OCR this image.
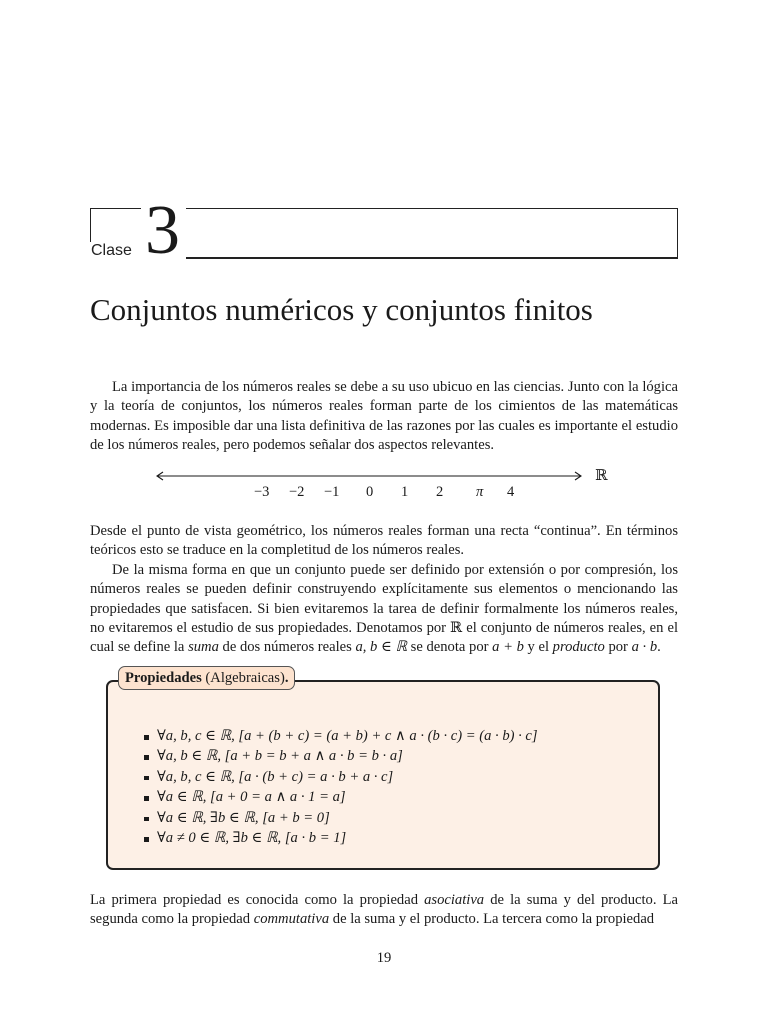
Clase 3
Conjuntos numéricos y conjuntos finitos

La importancia de los números reales se debe a su uso ubicuo en las ciencias. Junto con la lógica y la teoría de conjuntos, los números reales forman parte de los cimientos de las matemáticas modernas. Es imposible dar una lista definitiva de las razones por las cuales es importante el estudio de los números reales, pero podemos señalar dos aspectos relevantes.

ℝ
−3 −2 −1 0 1 2 π 4

Desde el punto de vista geométrico, los números reales forman una recta “continua”. En términos teóricos esto se traduce en la completitud de los números reales.

De la misma forma en que un conjunto puede ser definido por extensión o por compresión, los números reales se pueden definir construyendo explícitamente sus elementos o mencionando las propiedades que satisfacen. Si bien evitaremos la tarea de definir formalmente los números reales, no evitaremos el estudio de sus propiedades. Denotamos por ℝ el conjunto de números reales, en el cual se define la suma de dos números reales a, b ∈ ℝ se denota por a + b y el producto por a · b.

Propiedades (Algebraicas).
∀a, b, c ∈ ℝ, [a + (b + c) = (a + b) + c ∧ a · (b · c) = (a · b) · c]
∀a, b ∈ ℝ, [a + b = b + a ∧ a · b = b · a]
∀a, b, c ∈ ℝ, [a · (b + c) = a · b + a · c]
∀a ∈ ℝ, [a + 0 = a ∧ a · 1 = a]
∀a ∈ ℝ, ∃b ∈ ℝ, [a + b = 0]
∀a ≠ 0 ∈ ℝ, ∃b ∈ ℝ, [a · b = 1]

La primera propiedad es conocida como la propiedad asociativa de la suma y del producto. La segunda como la propiedad commutativa de la suma y el producto. La tercera como la propiedad

19
